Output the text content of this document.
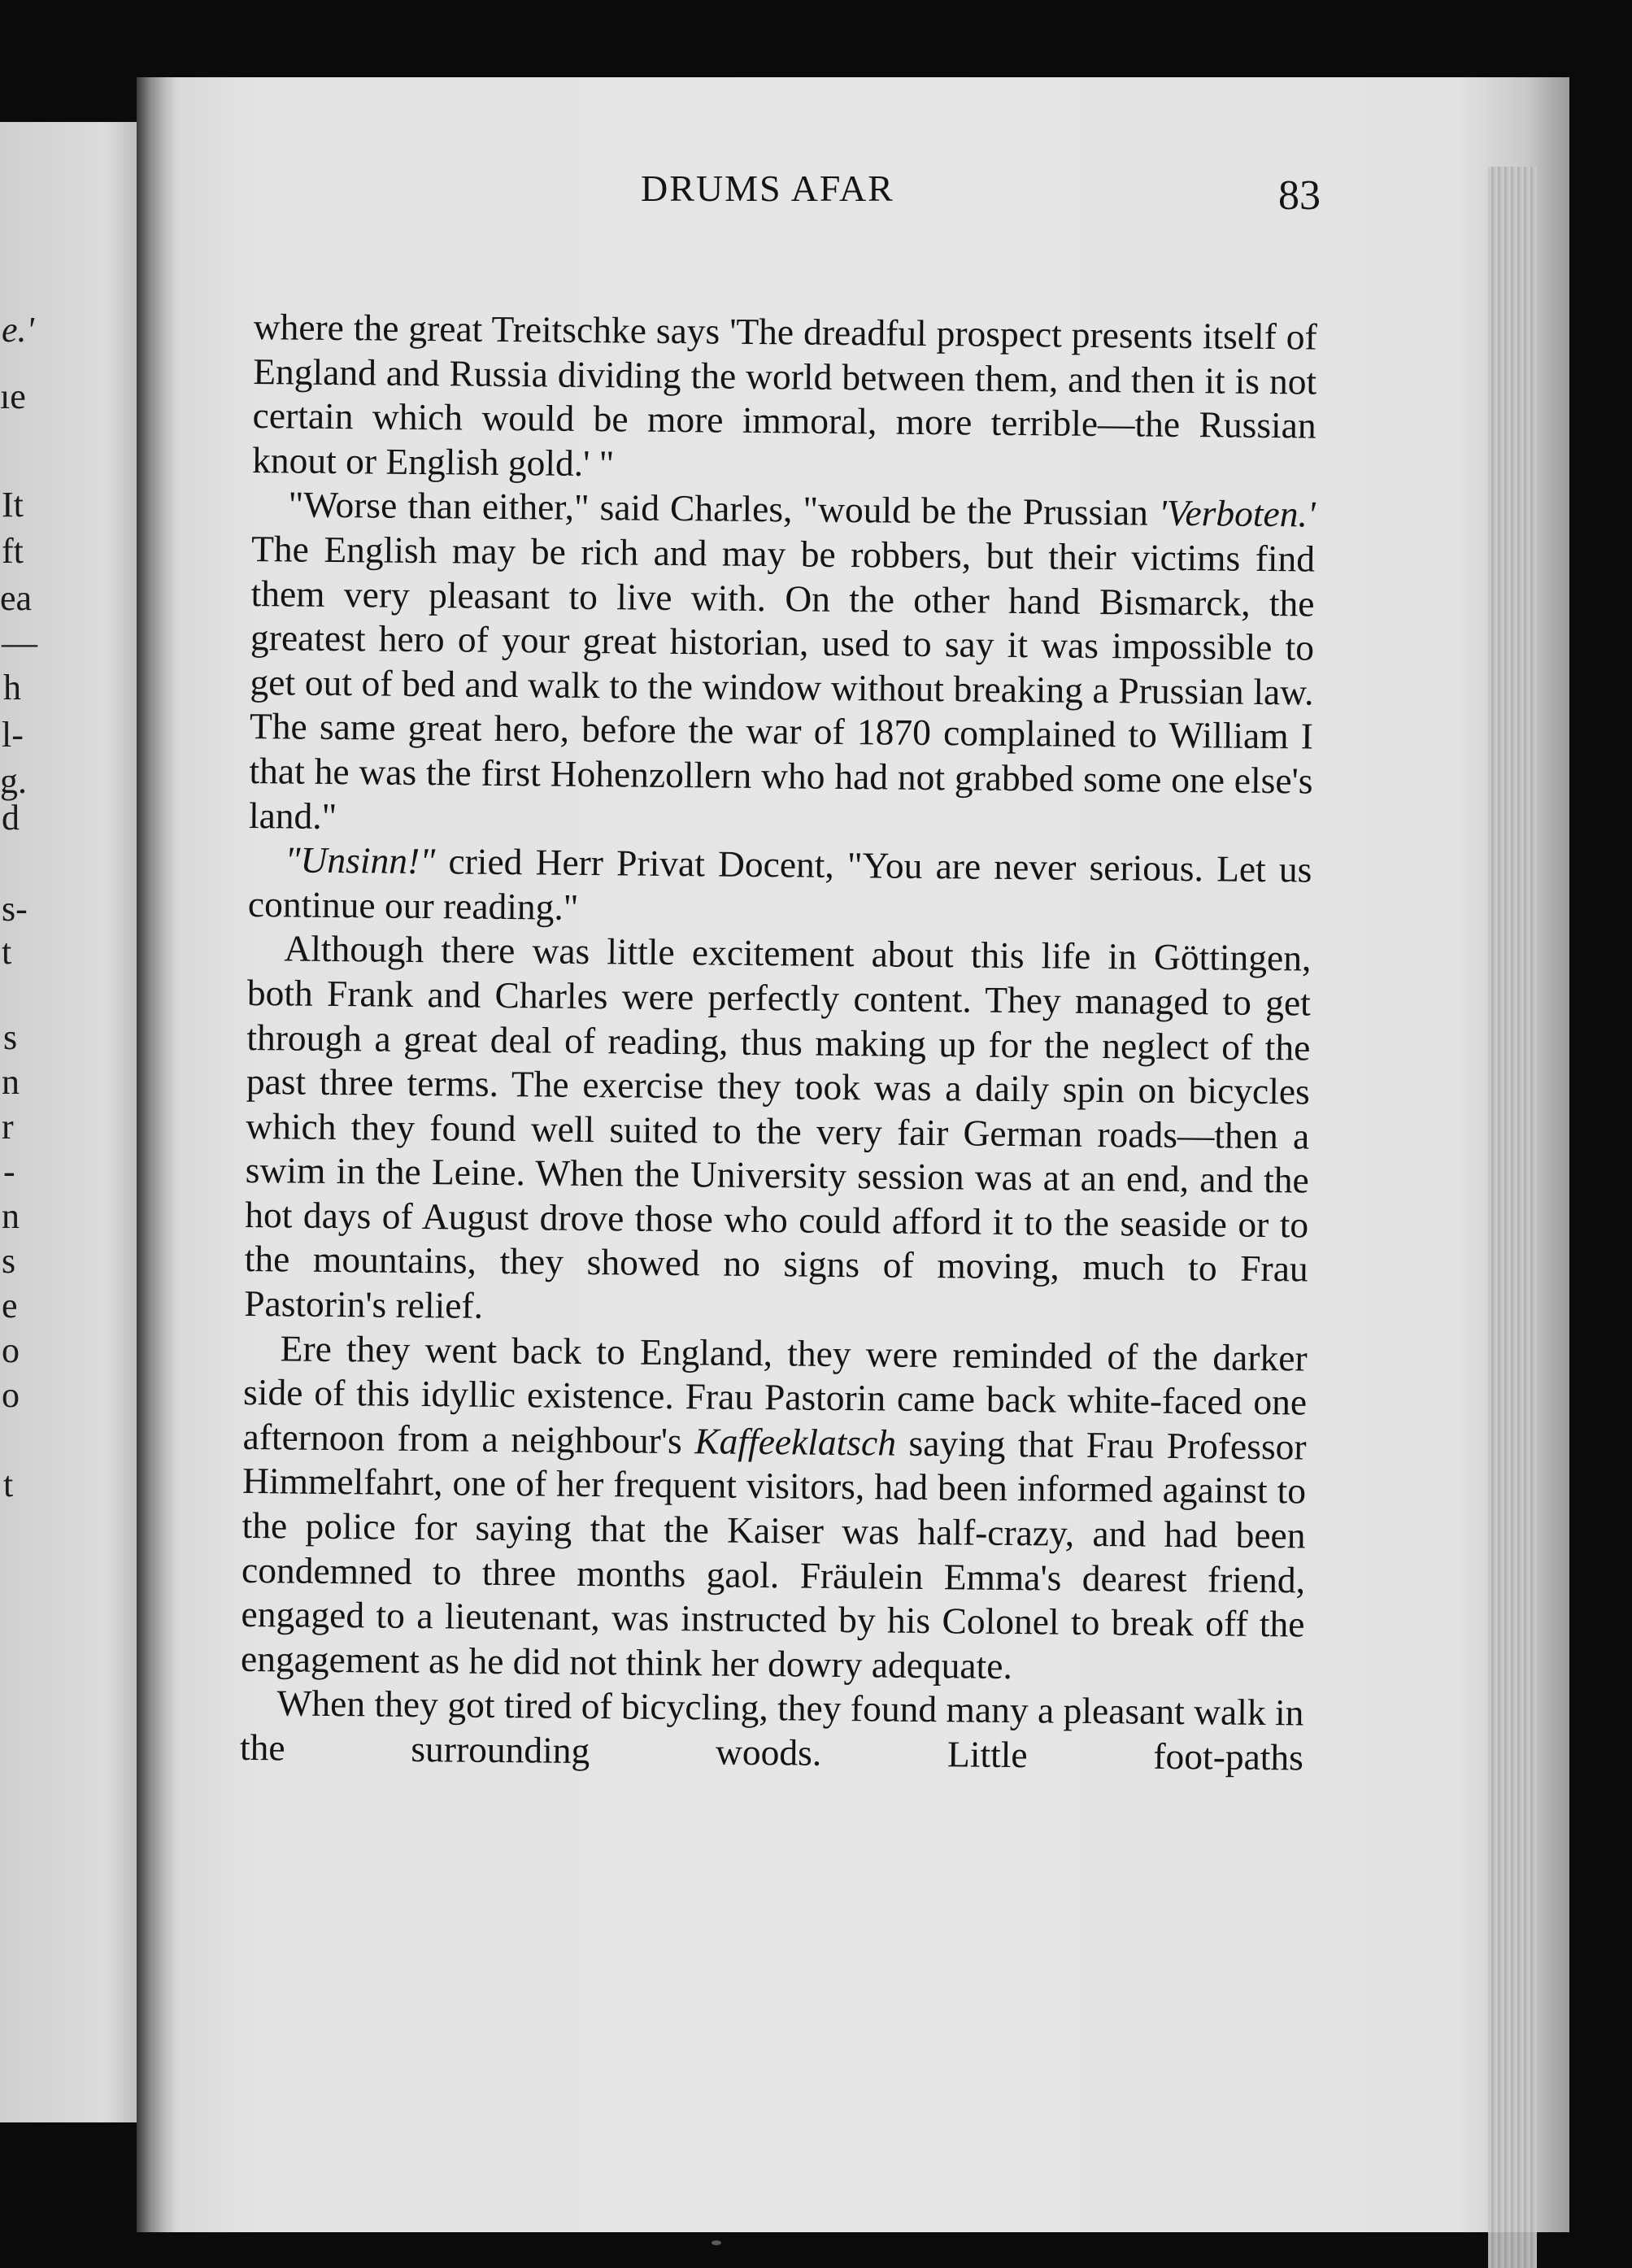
e.'
ıe
It
ft
ea
—
h
l-
g.
d
s-
t
s
n
r
-
n
s
e
o
o
t
DRUMS AFAR	83

where the great Treitschke says 'The dreadful prospect presents itself of England and Russia dividing the world between them, and then it is not certain which would be more immoral, more terrible—the Russian knout or English gold.' "

"Worse than either," said Charles, "would be the Prussian 'Verboten.' The English may be rich and may be robbers, but their victims find them very pleasant to live with. On the other hand Bismarck, the greatest hero of your great historian, used to say it was impossible to get out of bed and walk to the window without breaking a Prussian law. The same great hero, before the war of 1870 complained to William I that he was the first Hohenzollern who had not grabbed some one else's land."

"Unsinn!" cried Herr Privat Docent, "You are never serious. Let us continue our reading."

Although there was little excitement about this life in Göttingen, both Frank and Charles were perfectly content. They managed to get through a great deal of reading, thus making up for the neglect of the past three terms. The exercise they took was a daily spin on bicycles which they found well suited to the very fair German roads—then a swim in the Leine. When the University session was at an end, and the hot days of August drove those who could afford it to the seaside or to the mountains, they showed no signs of moving, much to Frau Pastorin's relief.

Ere they went back to England, they were reminded of the darker side of this idyllic existence. Frau Pastorin came back white-faced one afternoon from a neighbour's Kaffeeklatsch saying that Frau Professor Himmelfahrt, one of her frequent visitors, had been informed against to the police for saying that the Kaiser was half-crazy, and had been condemned to three months gaol. Fräulein Emma's dearest friend, engaged to a lieutenant, was instructed by his Colonel to break off the engagement as he did not think her dowry adequate.

When they got tired of bicycling, they found many a pleasant walk in the surrounding woods. Little foot-paths
